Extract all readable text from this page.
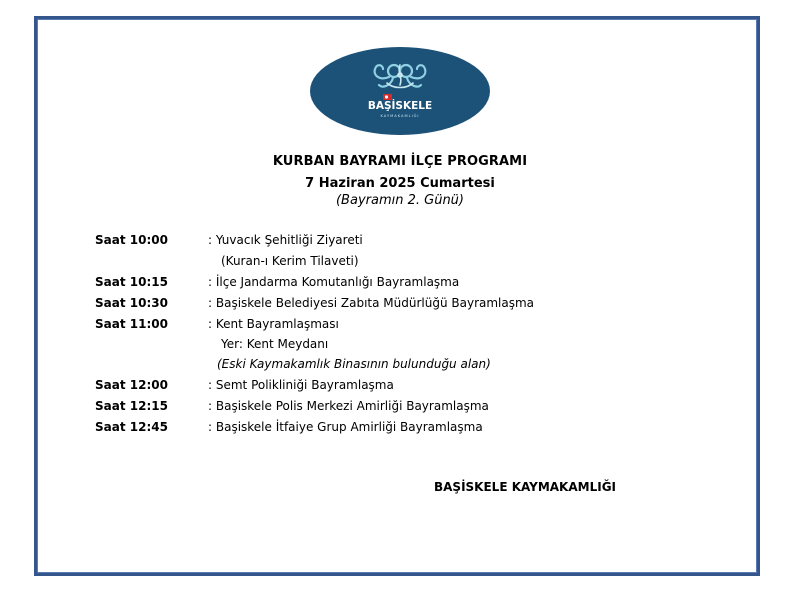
BAŞİSKELE
KAYMAKAMLIĞI
KURBAN BAYRAMI İLÇE PROGRAMI
7 Haziran 2025 Cumartesi
(Bayramın 2. Günü)
Saat 10:00	: Yuvacık Şehitliği Ziyareti
(Kuran-ı Kerim Tilaveti)
Saat 10:15	: İlçe Jandarma Komutanlığı Bayramlaşma
Saat 10:30	: Başiskele Belediyesi Zabıta Müdürlüğü Bayramlaşma
Saat 11:00	: Kent Bayramlaşması
Yer: Kent Meydanı
(Eski Kaymakamlık Binasının bulunduğu alan)
Saat 12:00	: Semt Polikliniği Bayramlaşma
Saat 12:15	: Başiskele Polis Merkezi Amirliği Bayramlaşma
Saat 12:45	: Başiskele İtfaiye Grup Amirliği Bayramlaşma
BAŞİSKELE KAYMAKAMLIĞI
